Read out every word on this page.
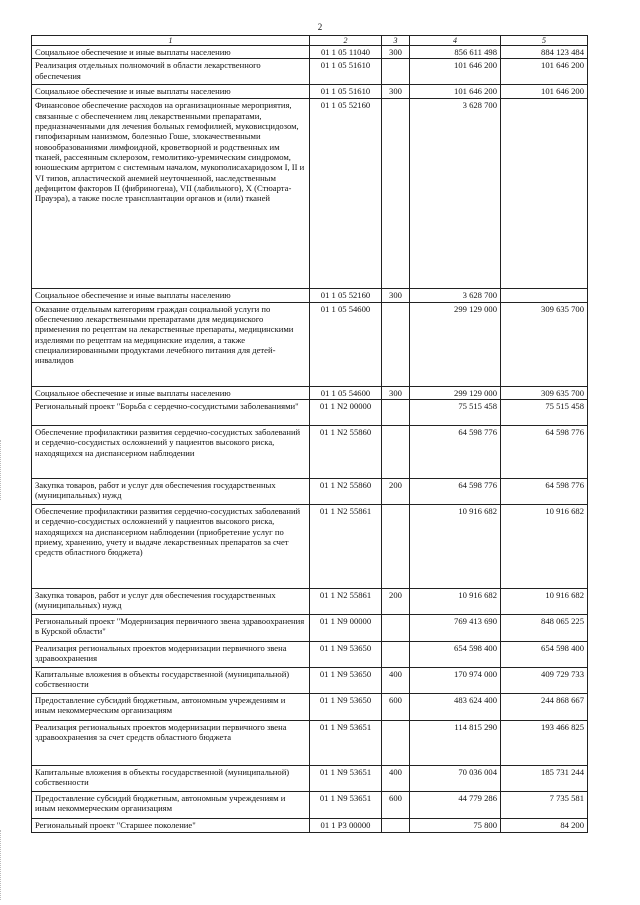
2
1	2	3	4	5
Социальное обеспечение и иные выплаты населению	01 1 05 11040	300	856 611 498	884 123 484
Реализация отдельных полномочий в области лекарственного обеспечения	01 1 05 51610		101 646 200	101 646 200
Социальное обеспечение и иные выплаты населению	01 1 05 51610	300	101 646 200	101 646 200
Финансовое обеспечение расходов на организационные мероприятия, связанные с обеспечением лиц лекарственными препаратами, предназначенными для лечения больных гемофилией, муковисцидозом, гипофизарным нанизмом, болезнью Гоше, злокачественными новообразованиями лимфоидной, кроветворной и родственных им тканей, рассеянным склерозом, гемолитико-уремическим синдромом, юношеским артритом с системным началом, мукополисахаридозом I, II и VI типов, апластической анемией неуточненной, наследственным дефицитом факторов II (фибриногена), VII (лабильного), X (Стюарта-Прауэра), а также после трансплантации органов и (или) тканей	01 1 05 52160		3 628 700	
Социальное обеспечение и иные выплаты населению	01 1 05 52160	300	3 628 700	
Оказание отдельным категориям граждан социальной услуги по обеспечению лекарственными препаратами для медицинского применения по рецептам на лекарственные препараты, медицинскими изделиями по рецептам на медицинские изделия, а также специализированными продуктами лечебного питания для детей-инвалидов	01 1 05 54600		299 129 000	309 635 700
Социальное обеспечение и иные выплаты населению	01 1 05 54600	300	299 129 000	309 635 700
Региональный проект "Борьба с сердечно-сосудистыми заболеваниями"	01 1 N2 00000		75 515 458	75 515 458
Обеспечение профилактики развития сердечно-сосудистых заболеваний и сердечно-сосудистых осложнений у пациентов высокого риска, находящихся на диспансерном наблюдении	01 1 N2 55860		64 598 776	64 598 776
Закупка товаров, работ и услуг для обеспечения государственных (муниципальных) нужд	01 1 N2 55860	200	64 598 776	64 598 776
Обеспечение профилактики развития сердечно-сосудистых заболеваний и сердечно-сосудистых осложнений у пациентов высокого риска, находящихся на диспансерном наблюдении (приобретение услуг по приему, хранению, учету и выдаче лекарственных препаратов за счет средств областного бюджета)	01 1 N2 55861		10 916 682	10 916 682
Закупка товаров, работ и услуг для обеспечения государственных (муниципальных) нужд	01 1 N2 55861	200	10 916 682	10 916 682
Региональный проект "Модернизация первичного звена здравоохранения в Курской области"	01 1 N9 00000		769 413 690	848 065 225
Реализация региональных проектов модернизации первичного звена здравоохранения	01 1 N9 53650		654 598 400	654 598 400
Капитальные вложения в объекты государственной (муниципальной) собственности	01 1 N9 53650	400	170 974 000	409 729 733
Предоставление субсидий бюджетным, автономным учреждениям и иным некоммерческим организациям	01 1 N9 53650	600	483 624 400	244 868 667
Реализация региональных проектов модернизации первичного звена здравоохранения за счет средств областного бюджета	01 1 N9 53651		114 815 290	193 466 825
Капитальные вложения в объекты государственной (муниципальной) собственности	01 1 N9 53651	400	70 036 004	185 731 244
Предоставление субсидий бюджетным, автономным учреждениям и иным некоммерческим организациям	01 1 N9 53651	600	44 779 286	7 735 581
Региональный проект "Старшее поколение"	01 1 P3 00000		75 800	84 200
